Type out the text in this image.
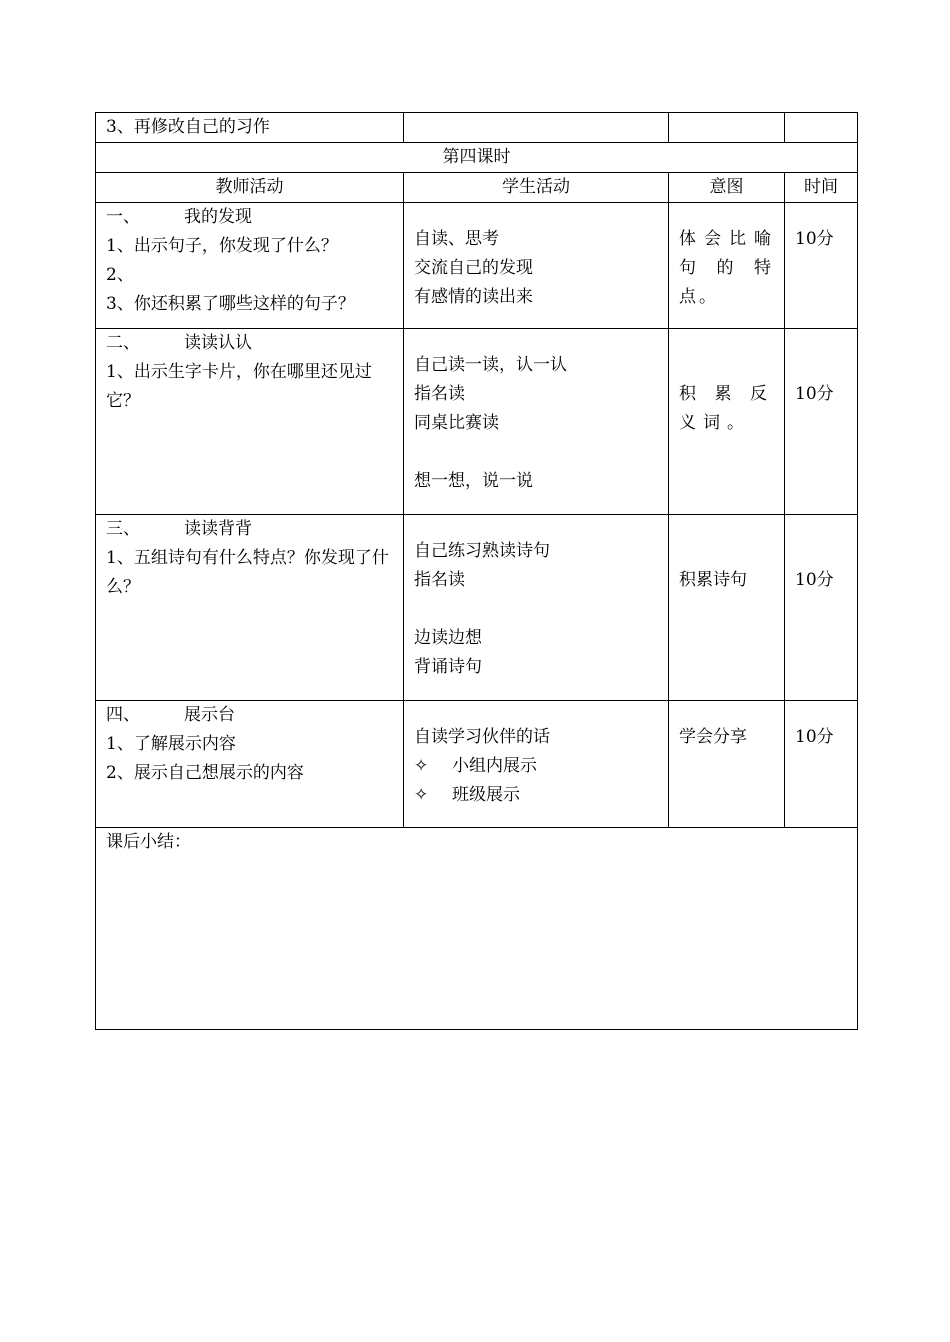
3、再修改自己的习作			

第四课时			
教师活动	学生活动	意图	时间

一、 我的发现
1、出示句子，你发现了什么？
2、
3、你还积累了哪些这样的句子？	自读、思考
交流自己的发现
有感情的读出来	体会比喻句的特点。	10分

二、 读读认认
1、出示生字卡片，你在哪里还见过它？	自己读一读，认一认
指名读
同桌比赛读
想一想，说一说	积累反义词。	10分

三、 读读背背
1、五组诗句有什么特点？你发现了什么？	自己练习熟读诗句
指名读
边读边想
背诵诗句	积累诗句	10分

四、 展示台
1、了解展示内容
2、展示自己想展示的内容	自读学习伙伴的话
✧ 小组内展示
✧ 班级展示	学会分享	10分

课后小结：			
